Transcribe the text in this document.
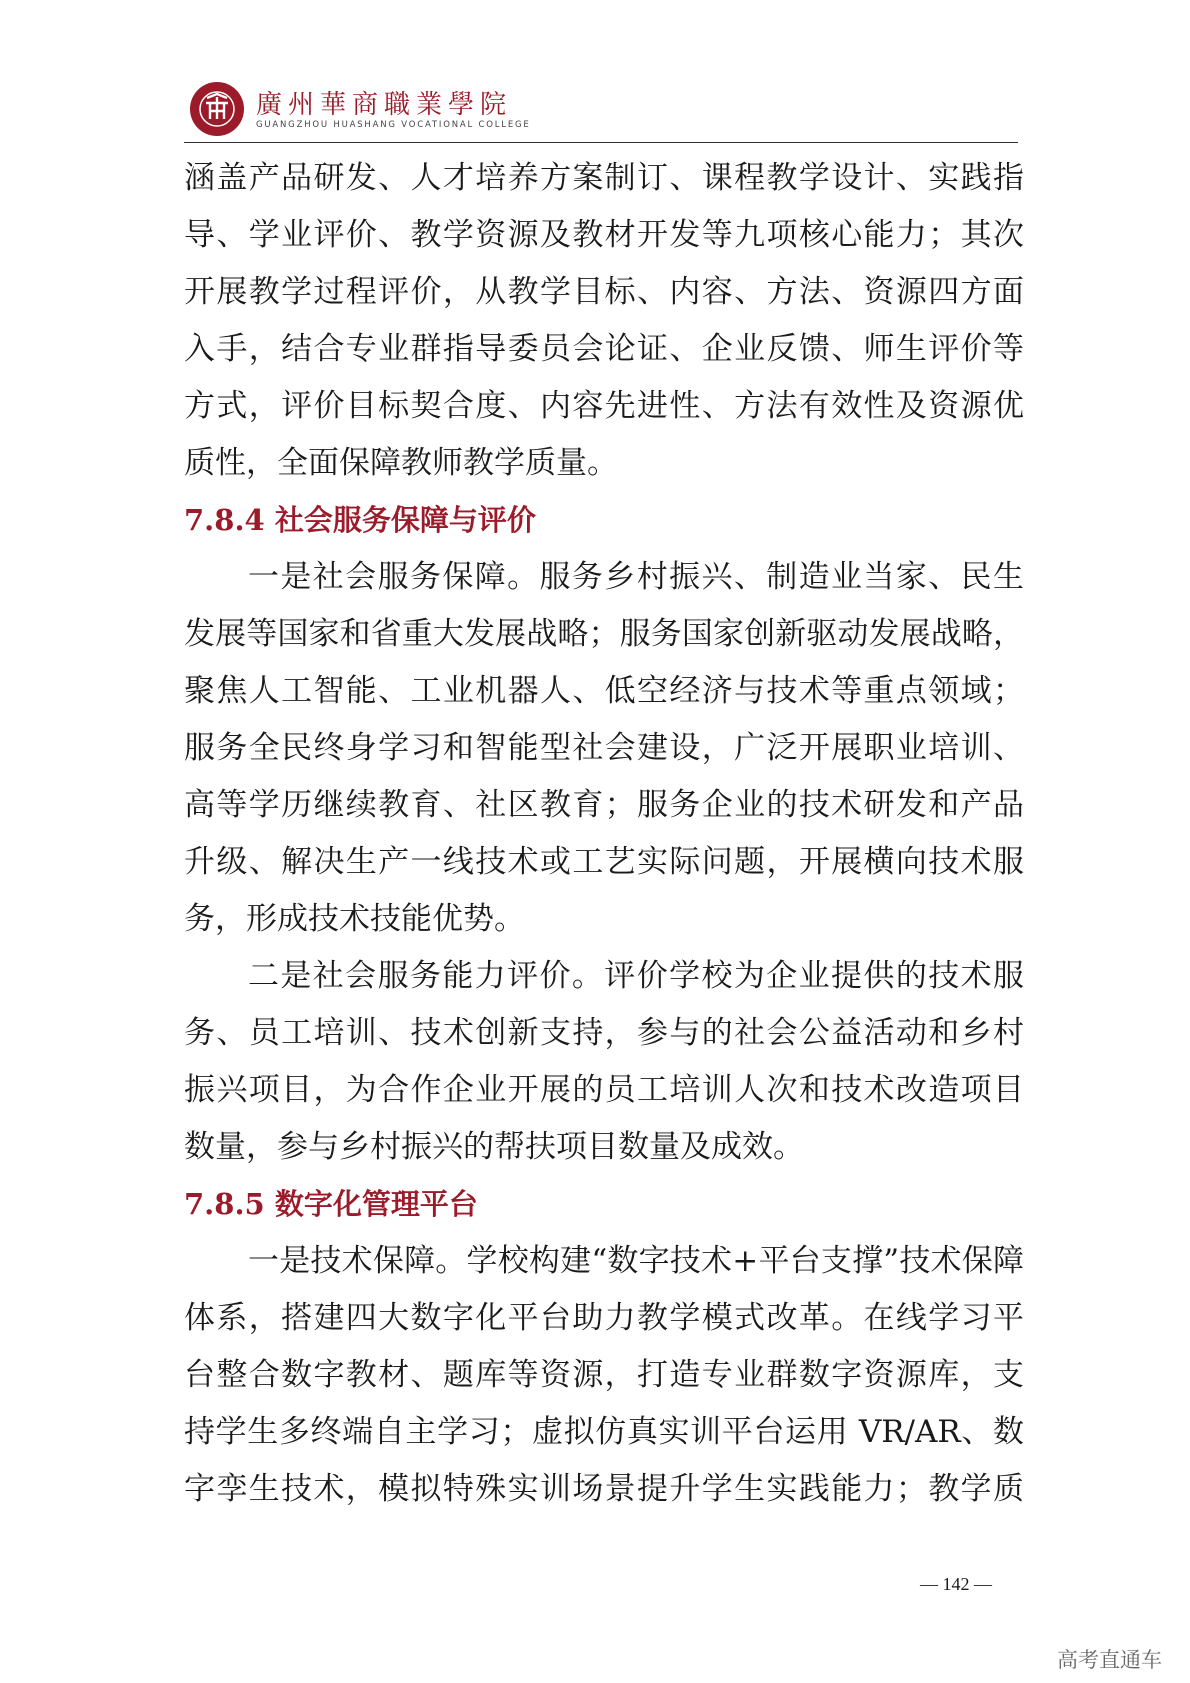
廣州華商職業學院
GUANGZHOU HUASHANG VOCATIONAL COLLEGE
涵盖产品研发、人才培养方案制订、课程教学设计、实践指
导、学业评价、教学资源及教材开发等九项核心能力；其次
开展教学过程评价，从教学目标、内容、方法、资源四方面
入手，结合专业群指导委员会论证、企业反馈、师生评价等
方式，评价目标契合度、内容先进性、方法有效性及资源优
质性，全面保障教师教学质量。
7.8.4 社会服务保障与评价
一是社会服务保障。服务乡村振兴、制造业当家、民生
发展等国家和省重大发展战略；服务国家创新驱动发展战略，
聚焦人工智能、工业机器人、低空经济与技术等重点领域；
服务全民终身学习和智能型社会建设，广泛开展职业培训、
高等学历继续教育、社区教育；服务企业的技术研发和产品
升级、解决生产一线技术或工艺实际问题，开展横向技术服
务，形成技术技能优势。
二是社会服务能力评价。评价学校为企业提供的技术服
务、员工培训、技术创新支持，参与的社会公益活动和乡村
振兴项目，为合作企业开展的员工培训人次和技术改造项目
数量，参与乡村振兴的帮扶项目数量及成效。
7.8.5 数字化管理平台
一是技术保障。学校构建“数字技术+平台支撑”技术保障
体系，搭建四大数字化平台助力教学模式改革。在线学习平
台整合数字教材、题库等资源，打造专业群数字资源库，支
持学生多终端自主学习；虚拟仿真实训平台运用 VR/AR、数
字孪生技术，模拟特殊实训场景提升学生实践能力；教学质
— 142 —
高考直通车
